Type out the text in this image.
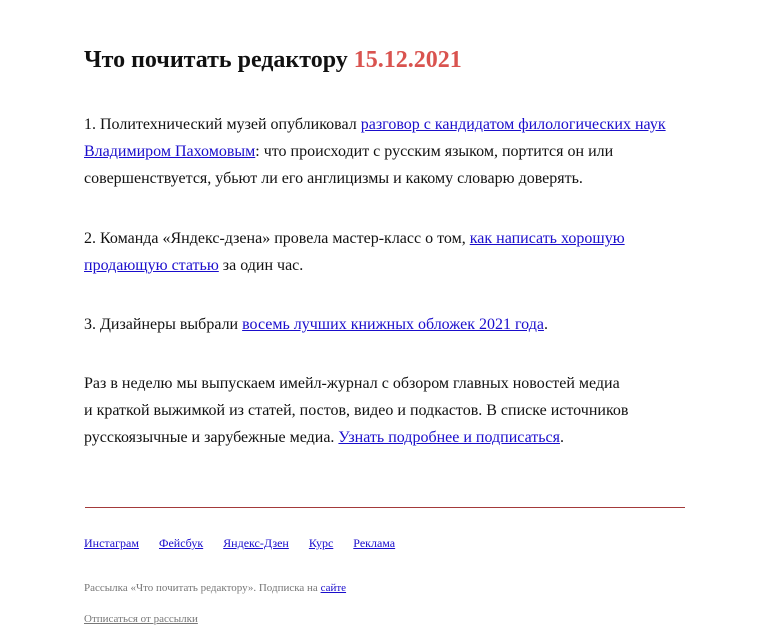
Что почитать редактору 15.12.2021

1. Политехнический музей опубликовал разговор с кандидатом филологических наук Владимиром Пахомовым: что происходит с русским языком, портится он или совершенствуется, убьют ли его англицизмы и какому словарю доверять.

2. Команда «Яндекс-дзена» провела мастер-класс о том, как написать хорошую продающую статью за один час.

3. Дизайнеры выбрали восемь лучших книжных обложек 2021 года.

Раз в неделю мы выпускаем имейл-журнал с обзором главных новостей медиа
и краткой выжимкой из статей, постов, видео и подкастов. В списке источников русскоязычные и зарубежные медиа. Узнать подробнее и подписаться.

Инстаграм Фейсбук Яндекс-Дзен Курс Реклама
Рассылка «Что почитать редактору». Подписка на сайте
Отписаться от рассылки
